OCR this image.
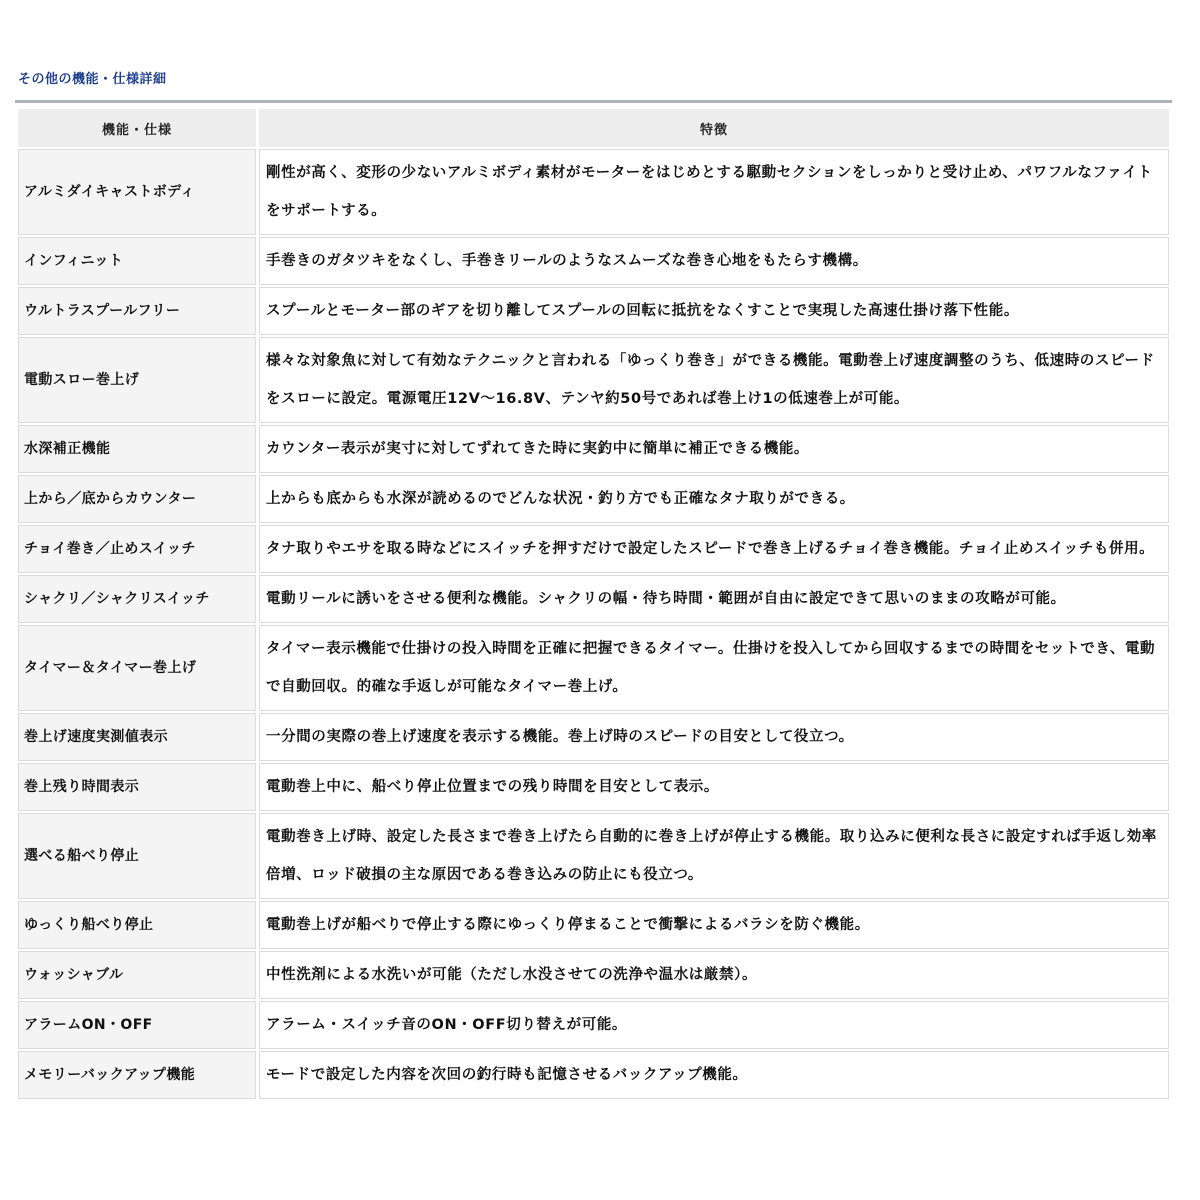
その他の機能・仕様詳細
機能・仕様	特徴
アルミダイキャストボディ	剛性が高く、変形の少ないアルミボディ素材がモーターをはじめとする駆動セクションをしっかりと受け止め、パワフルなファイトをサポートする。
インフィニット	手巻きのガタツキをなくし、手巻きリールのようなスムーズな巻き心地をもたらす機構。
ウルトラスプールフリー	スプールとモーター部のギアを切り離してスプールの回転に抵抗をなくすことで実現した高速仕掛け落下性能。
電動スロー巻上げ	様々な対象魚に対して有効なテクニックと言われる「ゆっくり巻き」ができる機能。電動巻上げ速度調整のうち、低速時のスピードをスローに設定。電源電圧12V～16.8V、テンヤ約50号であれば巻上け1の低速巻上が可能。
水深補正機能	カウンター表示が実寸に対してずれてきた時に実釣中に簡単に補正できる機能。
上から／底からカウンター	上からも底からも水深が読めるのでどんな状況・釣り方でも正確なタナ取りができる。
チョイ巻き／止めスイッチ	タナ取りやエサを取る時などにスイッチを押すだけで設定したスピードで巻き上げるチョイ巻き機能。チョイ止めスイッチも併用。
シャクリ／シャクリスイッチ	電動リールに誘いをさせる便利な機能。シャクリの幅・待ち時間・範囲が自由に設定できて思いのままの攻略が可能。
タイマー＆タイマー巻上げ	タイマー表示機能で仕掛けの投入時間を正確に把握できるタイマー。仕掛けを投入してから回収するまでの時間をセットでき、電動で自動回収。的確な手返しが可能なタイマー巻上げ。
巻上げ速度実測値表示	一分間の実際の巻上げ速度を表示する機能。巻上げ時のスピードの目安として役立つ。
巻上残り時間表示	電動巻上中に、船べり停止位置までの残り時間を目安として表示。
選べる船べり停止	電動巻き上げ時、設定した長さまで巻き上げたら自動的に巻き上げが停止する機能。取り込みに便利な長さに設定すれば手返し効率倍増、ロッド破損の主な原因である巻き込みの防止にも役立つ。
ゆっくり船べり停止	電動巻上げが船べりで停止する際にゆっくり停まることで衝撃によるバラシを防ぐ機能。
ウォッシャブル	中性洗剤による水洗いが可能（ただし水没させての洗浄や温水は厳禁）。
アラームON・OFF	アラーム・スイッチ音のON・OFF切り替えが可能。
メモリーバックアップ機能	モードで設定した内容を次回の釣行時も記憶させるバックアップ機能。
